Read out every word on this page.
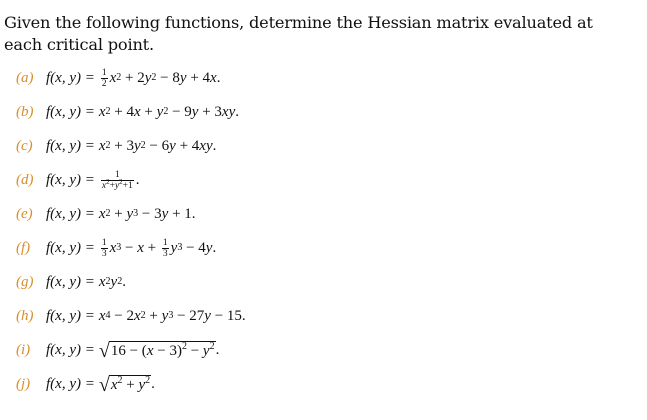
Given the following functions, determine the Hessian matrix evaluated at each critical point.
(a) f(x, $y) = \frac{1}{2}$ x 2 + 2 y 2 − 8 y + 4 x .
(b) f(x, y) = x 2 + 4 x + y 2 − 9 y + 3 xy .
(c) f(x, y) = x 2 + 3 y 2 − 6 y + 4 xy .
(d) f(x, $y) = \frac{1}{x^2+y^2+1}$ .
(e) f(x, y) = x 2 + y 3 − 3 y + 1.
(f)	f(x, $y) = \frac{1}{3}$ x $3 - x + \frac{1}{3}$ y 3 − 4 y .
(g) f(x, y) = x 2 y 2 .
(h) f(x, y) = x 4 − 2 x 2 + y 3 − 27 y − 15.
(i)	f(x, y) = √ $16 - (x - 3)^2 - y^2$ .
(j)	f(x, y) = √ $x^2 + y^2$ .
